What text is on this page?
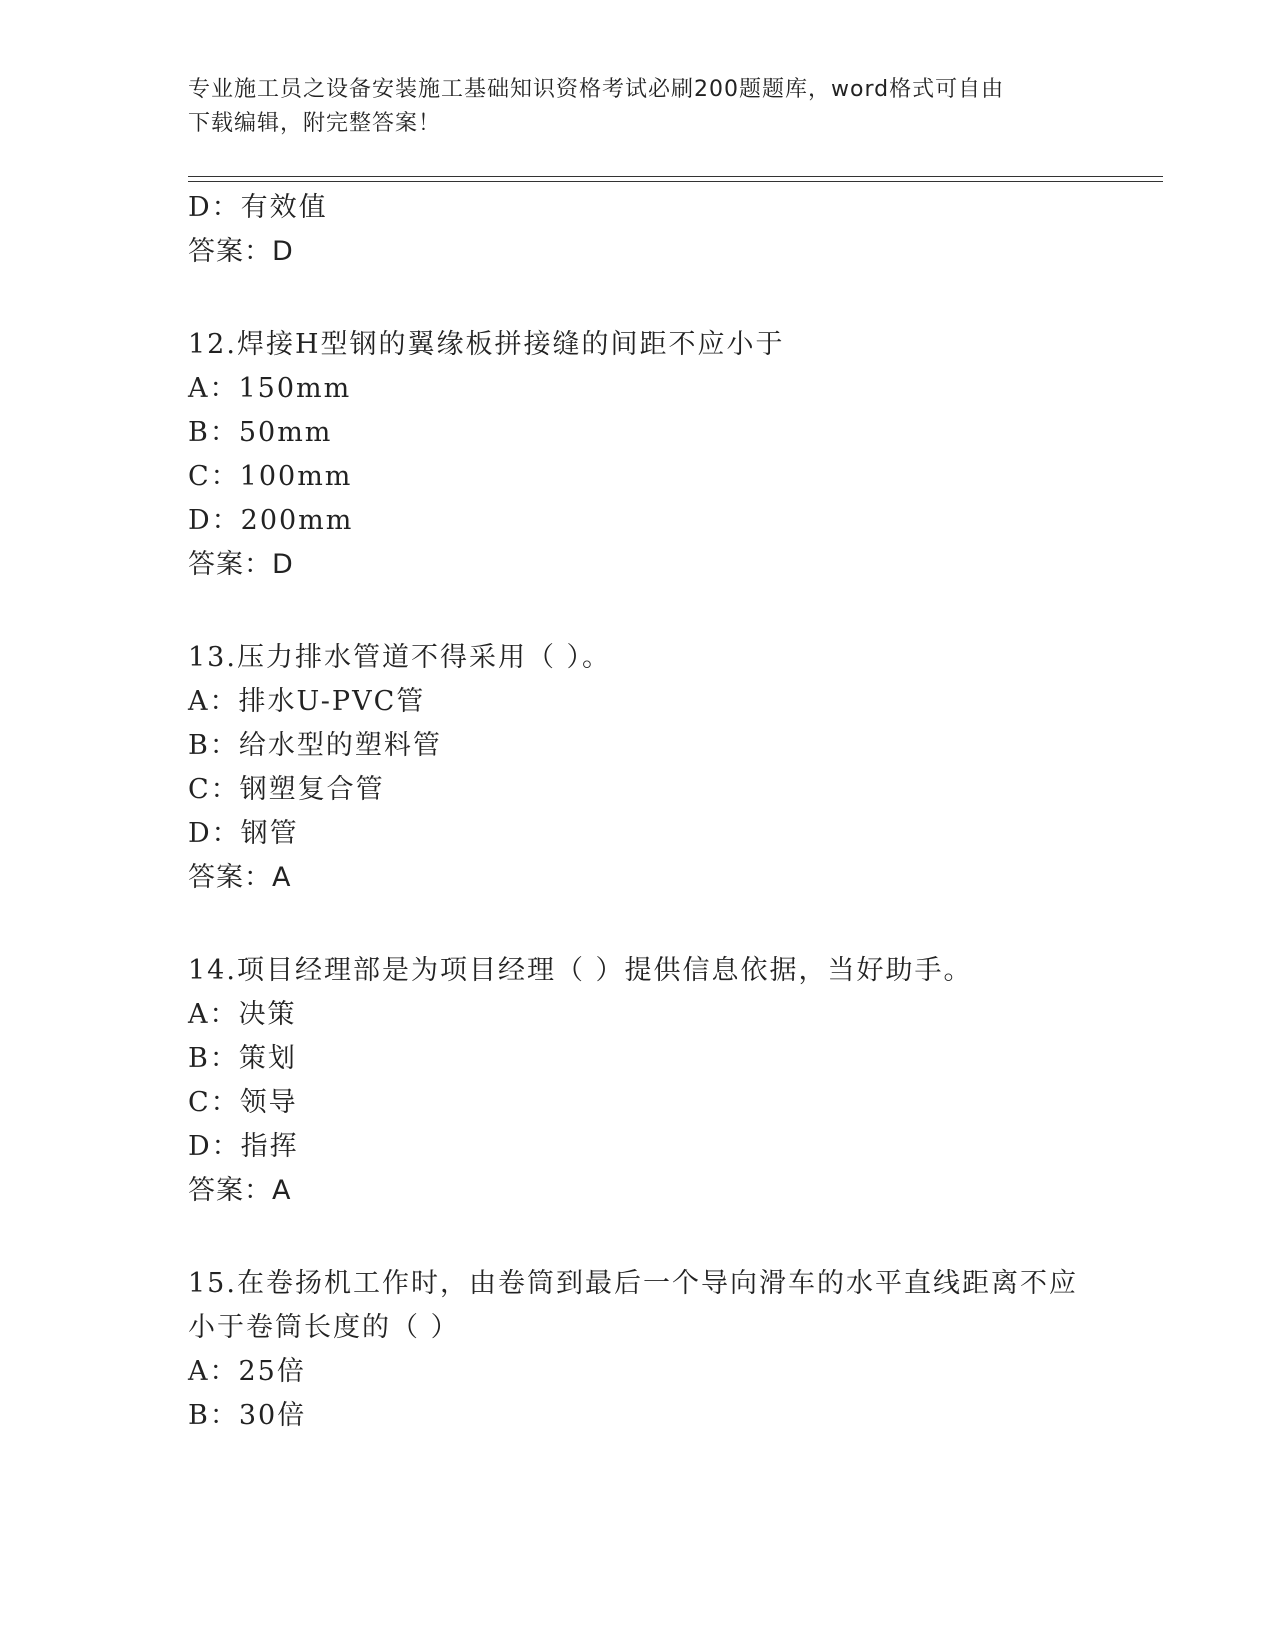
专业施工员之设备安装施工基础知识资格考试必刷200题题库，word格式可自由
下载编辑，附完整答案！
D：有效值
答案：D
12.焊接H型钢的翼缘板拼接缝的间距不应小于
A：150mm
B：50mm
C：100mm
D：200mm
答案：D
13.压力排水管道不得采用（ ）。
A：排水U-PVC管
B：给水型的塑料管
C：钢塑复合管
D：钢管
答案：A
14.项目经理部是为项目经理（ ）提供信息依据，当好助手。
A：决策
B：策划
C：领导
D：指挥
答案：A
15.在卷扬机工作时，由卷筒到最后一个导向滑车的水平直线距离不应
小于卷筒长度的（ ）
A：25倍
B：30倍
